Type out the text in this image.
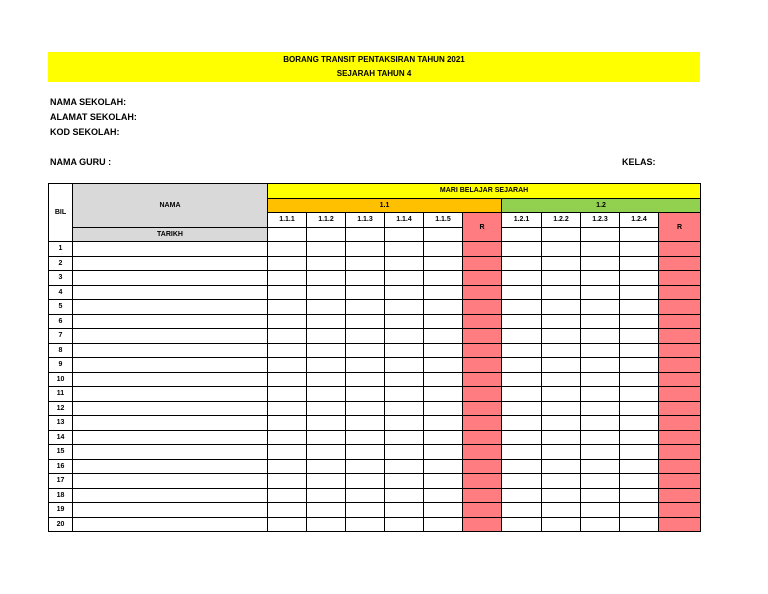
BORANG TRANSIT PENTAKSIRAN TAHUN 2021
SEJARAH TAHUN 4
NAMA SEKOLAH:
ALAMAT SEKOLAH:
KOD SEKOLAH:
NAMA GURU :	KELAS:
BIL	NAMA	MARI BELAJAR SEJARAH										
		1.1						1.2				
		1.1.1	1.1.2	1.1.3	1.1.4	1.1.5	R	1.2.1	1.2.2	1.2.3	1.2.4	R
	TARIKH											
1												
2												
3												
4												
5												
6												
7												
8												
9												
10												
11												
12												
13												
14												
15												
16												
17												
18												
19												
20												
